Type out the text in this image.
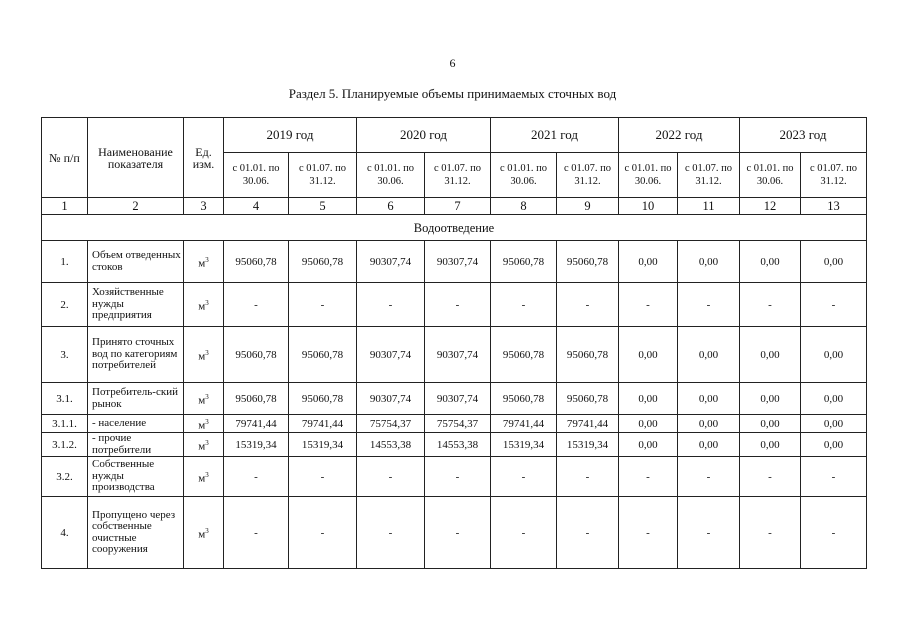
6
Раздел 5. Планируемые объемы принимаемых сточных вод
№ п/п	Наименование показателя	Ед. изм.	2019 год		2020 год		2021 год		2022 год		2023 год	
			с 01.01. по 30.06.	с 01.07. по 31.12.	с 01.01. по 30.06.	с 01.07. по 31.12.	с 01.01. по 30.06.	с 01.07. по 31.12.	с 01.01. по 30.06.	с 01.07. по 31.12.	с 01.01. по 30.06.	с 01.07. по 31.12.
1	2	3	4	5	6	7	8	9	10	11	12	13
Водоотведение												
1.	Объем отведенных стоков	$м^3$	95060,78	95060,78	90307,74	90307,74	95060,78	95060,78	0,00	0,00	0,00	0,00
2.	Хозяйственные нужды предприятия	$м^3$	-	-	-	-	-	-	-	-	-	-
3.	Принято сточных вод по категориям потребителей	$м^3$	95060,78	95060,78	90307,74	90307,74	95060,78	95060,78	0,00	0,00	0,00	0,00
3.1.	Потребитель-ский рынок	$м^3$	95060,78	95060,78	90307,74	90307,74	95060,78	95060,78	0,00	0,00	0,00	0,00
3.1.1.	- население	$м^3$	79741,44	79741,44	75754,37	75754,37	79741,44	79741,44	0,00	0,00	0,00	0,00
3.1.2.	- прочие потребители	$м^3$	15319,34	15319,34	14553,38	14553,38	15319,34	15319,34	0,00	0,00	0,00	0,00
3.2.	Собственные нужды производства	$м^3$	-	-	-	-	-	-	-	-	-	-
4.	Пропущено через собственные очистные сооружения	$м^3$	-	-	-	-	-	-	-	-	-	-
